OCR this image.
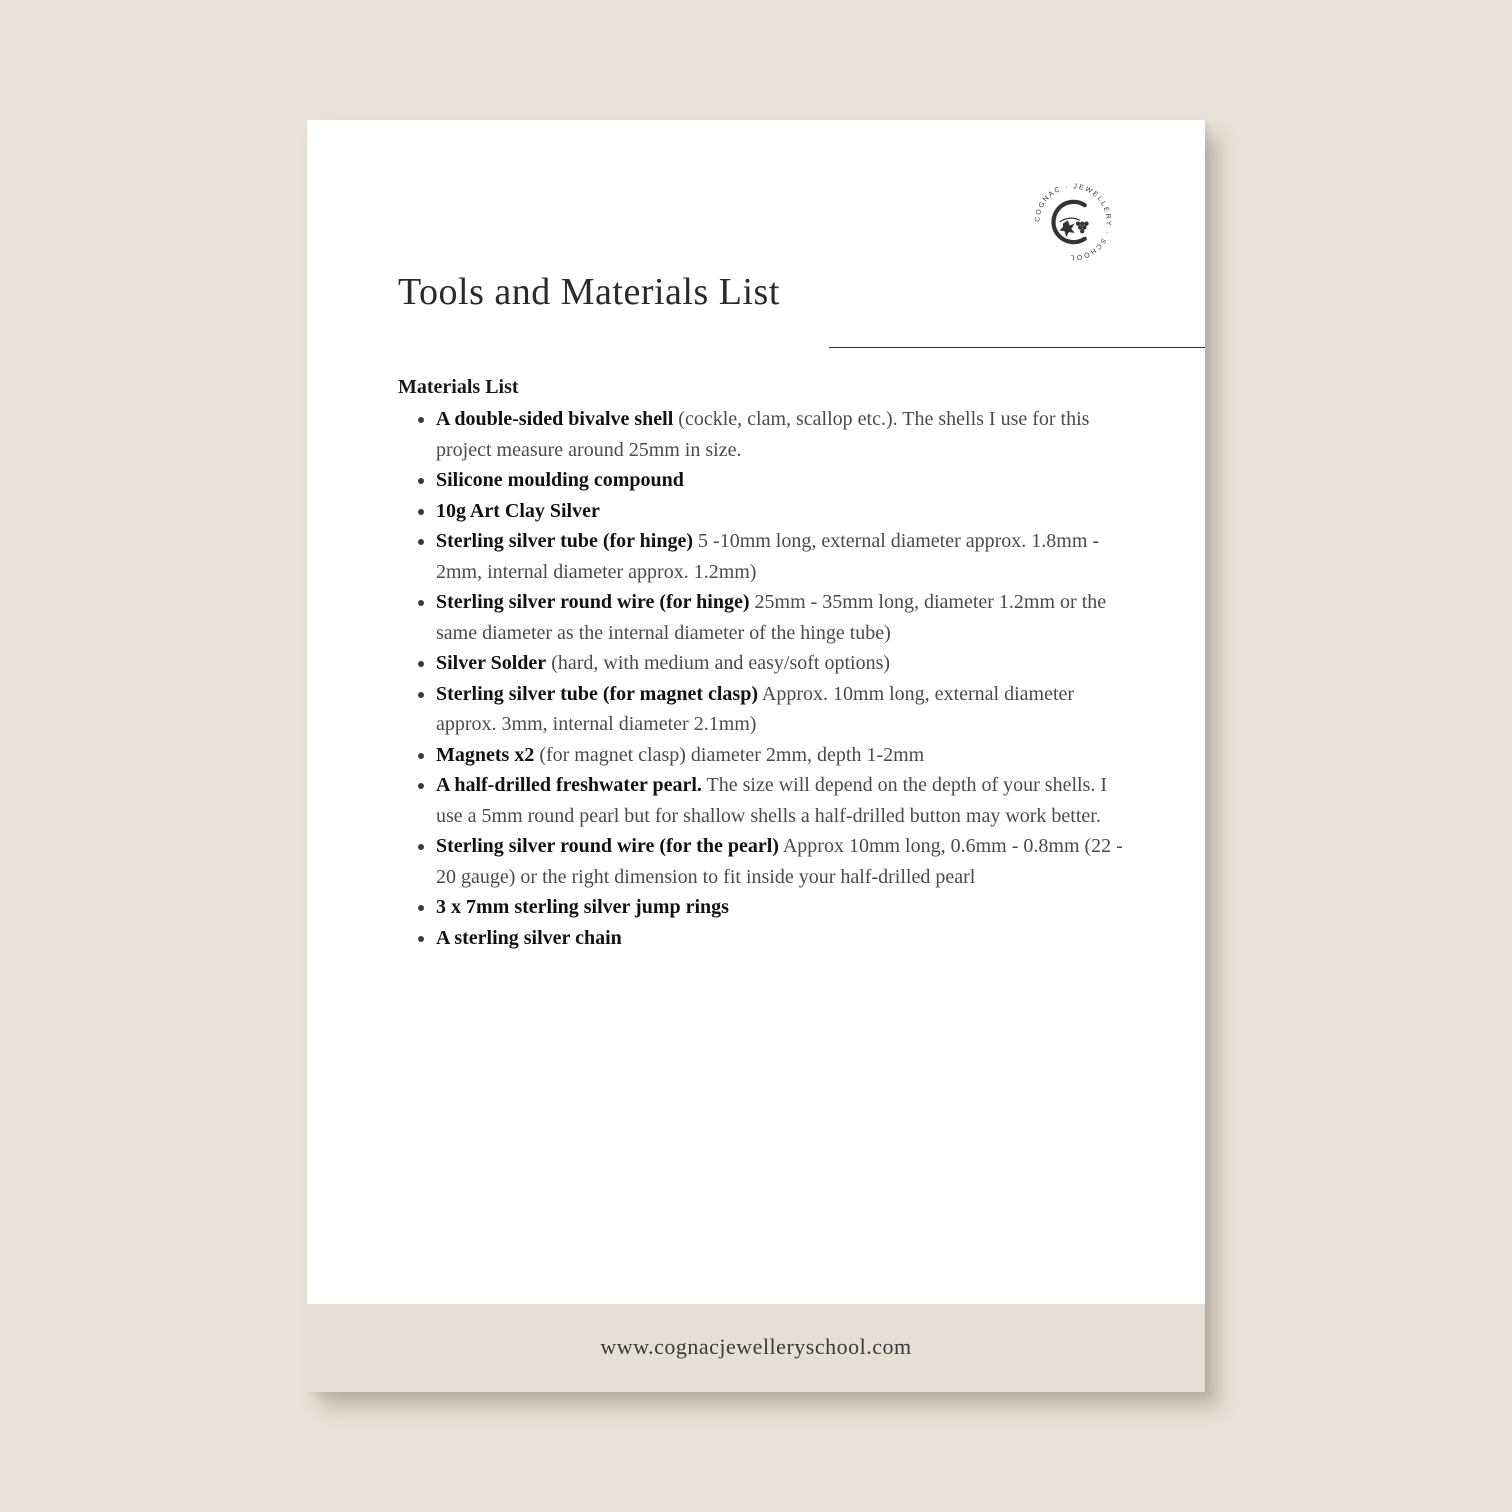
COGNAC · JEWELLERY · SCHOOL
Tools and Materials List
Materials List
• A double-sided bivalve shell (cockle, clam, scallop etc.). The shells I use for this project measure around 25mm in size.
• Silicone moulding compound
• 10g Art Clay Silver
• Sterling silver tube (for hinge) 5 -10mm long, external diameter approx. 1.8mm - 2mm, internal diameter approx. 1.2mm)
• Sterling silver round wire (for hinge) 25mm - 35mm long, diameter 1.2mm or the same diameter as the internal diameter of the hinge tube)
• Silver Solder (hard, with medium and easy/soft options)
• Sterling silver tube (for magnet clasp) Approx. 10mm long, external diameter approx. 3mm, internal diameter 2.1mm)
• Magnets x2 (for magnet clasp) diameter 2mm, depth 1-2mm
• A half-drilled freshwater pearl. The size will depend on the depth of your shells. I use a 5mm round pearl but for shallow shells a half-drilled button may work better.
• Sterling silver round wire (for the pearl) Approx 10mm long, 0.6mm - 0.8mm (22 - 20 gauge) or the right dimension to fit inside your half-drilled pearl
• 3 x 7mm sterling silver jump rings
• A sterling silver chain
www.cognacjewelleryschool.com
